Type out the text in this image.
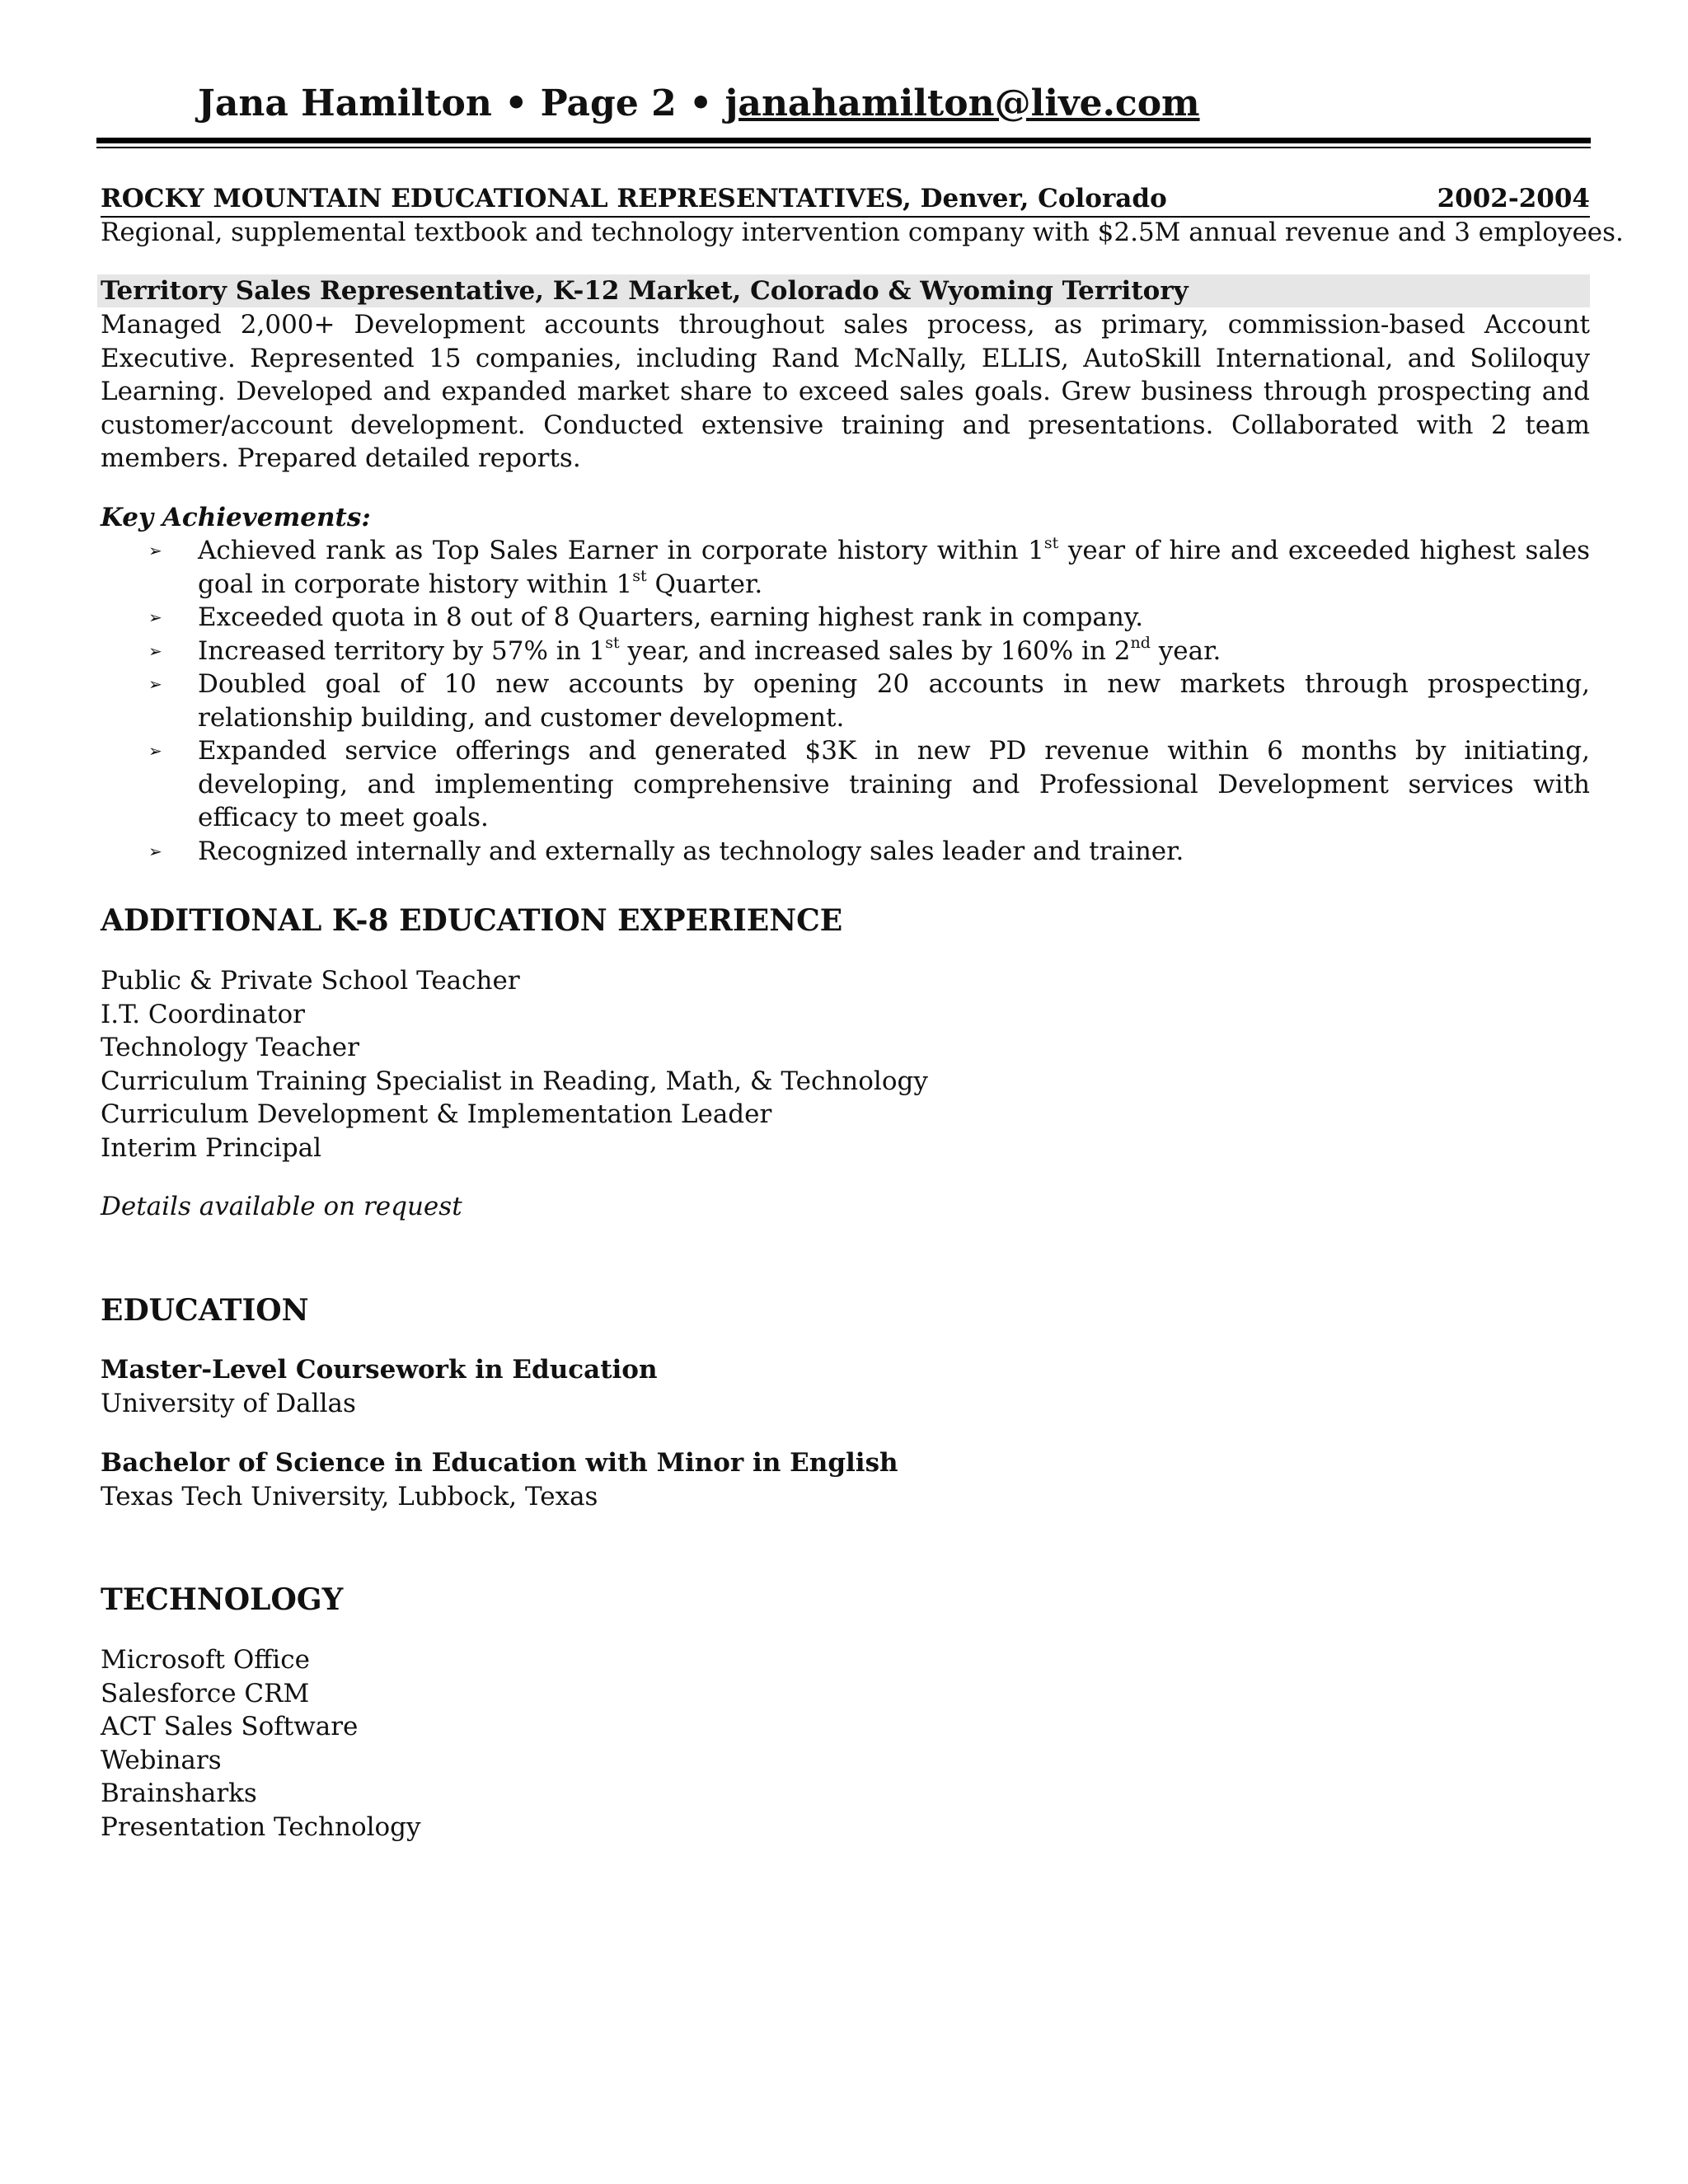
Jana Hamilton • Page 2 • janahamilton@live.com
ROCKY MOUNTAIN EDUCATIONAL REPRESENTATIVES, Denver, Colorado	2002-2004
Regional, supplemental textbook and technology intervention company with $2.5M annual revenue and 3 employees.
Territory Sales Representative, K-12 Market, Colorado & Wyoming Territory
Managed 2,000+ Development accounts throughout sales process, as primary, commission-based Account Executive. Represented 15 companies, including Rand McNally, ELLIS, AutoSkill International, and Soliloquy Learning. Developed and expanded market share to exceed sales goals. Grew business through prospecting and customer/account development. Conducted extensive training and presentations. Collaborated with 2 team members. Prepared detailed reports.
Key Achievements:
➢ Achieved rank as Top Sales Earner in corporate history within 1st year of hire and exceeded highest sales goal in corporate history within 1st Quarter.
➢ Exceeded quota in 8 out of 8 Quarters, earning highest rank in company.
➢ Increased territory by 57% in 1st year, and increased sales by 160% in 2nd year.
➢ Doubled goal of 10 new accounts by opening 20 accounts in new markets through prospecting, relationship building, and customer development.
➢ Expanded service offerings and generated $3K in new PD revenue within 6 months by initiating, developing, and implementing comprehensive training and Professional Development services with efficacy to meet goals.
➢ Recognized internally and externally as technology sales leader and trainer.
ADDITIONAL K-8 EDUCATION EXPERIENCE
Public & Private School Teacher
I.T. Coordinator
Technology Teacher
Curriculum Training Specialist in Reading, Math, & Technology
Curriculum Development & Implementation Leader
Interim Principal
Details available on request
EDUCATION
Master-Level Coursework in Education
University of Dallas
Bachelor of Science in Education with Minor in English
Texas Tech University, Lubbock, Texas
TECHNOLOGY
Microsoft Office
Salesforce CRM
ACT Sales Software
Webinars
Brainsharks
Presentation Technology
